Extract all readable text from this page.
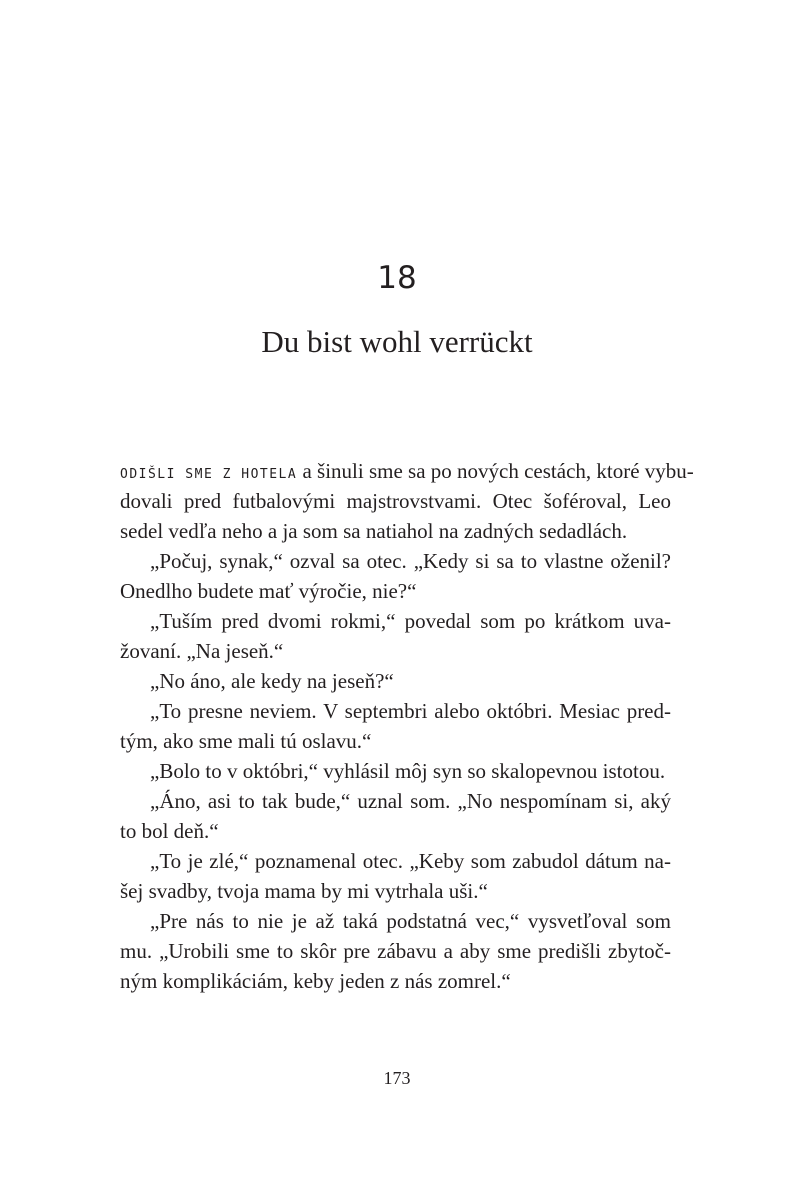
18
Du bist wohl verrückt
ODIŠLI SME Z HOTELA a šinuli sme sa po nových cestách, ktoré vybu-
dovali pred futbalovými majstrovstvami. Otec šoféroval, Leo
sedel vedľa neho a ja som sa natiahol na zadných sedadlách.
„Počuj, synak,“ ozval sa otec. „Kedy si sa to vlastne oženil?
Onedlho budete mať výročie, nie?“
„Tuším pred dvomi rokmi,“ povedal som po krátkom uva-
žovaní. „Na jeseň.“
„No áno, ale kedy na jeseň?“
„To presne neviem. V septembri alebo októbri. Mesiac pred-
tým, ako sme mali tú oslavu.“
„Bolo to v októbri,“ vyhlásil môj syn so skalopevnou istotou.
„Áno, asi to tak bude,“ uznal som. „No nespomínam si, aký
to bol deň.“
„To je zlé,“ poznamenal otec. „Keby som zabudol dátum na-
šej svadby, tvoja mama by mi vytrhala uši.“
„Pre nás to nie je až taká podstatná vec,“ vysvetľoval som
mu. „Urobili sme to skôr pre zábavu a aby sme predišli zbytoč-
ným komplikáciám, keby jeden z nás zomrel.“
173
